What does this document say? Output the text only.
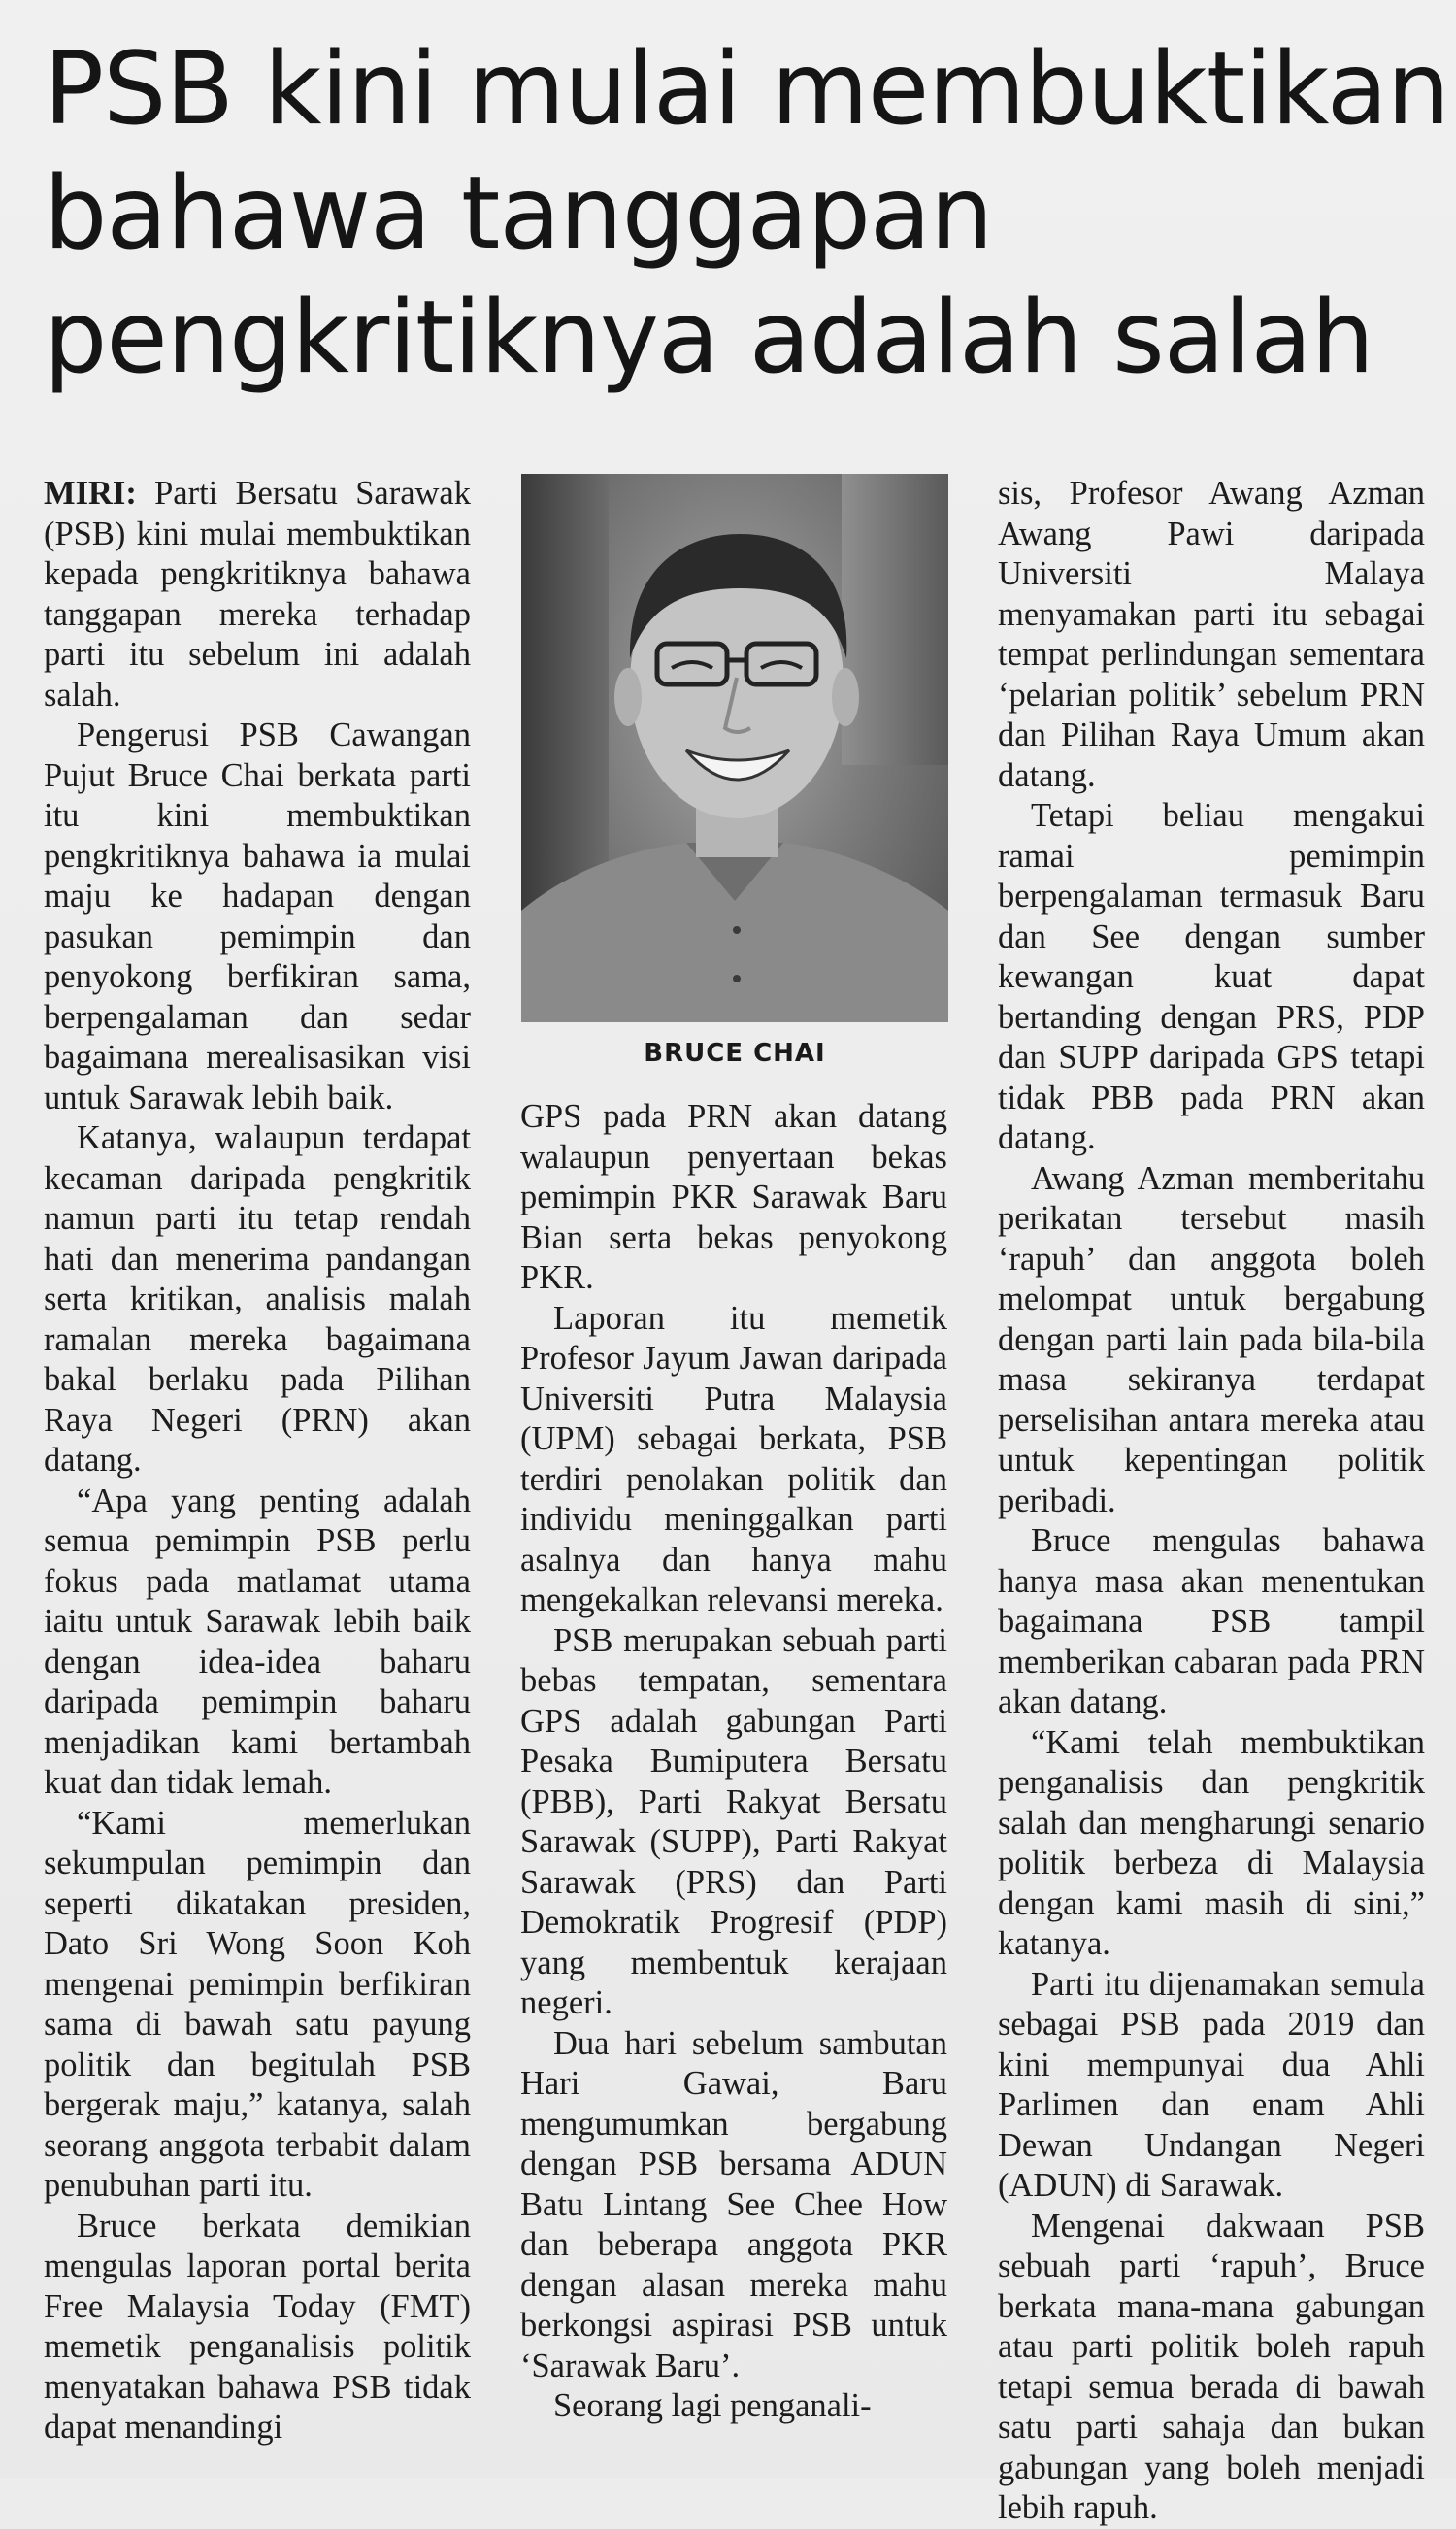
PSB kini mulai membuktikan
bahawa tanggapan
pengkritiknya adalah salah

MIRI: Parti Bersatu Sarawak (PSB) kini mulai membuktikan kepada pengkritiknya bahawa tanggapan mereka terhadap parti itu sebelum ini adalah salah.

Pengerusi PSB Cawangan Pujut Bruce Chai berkata parti itu kini membuktikan pengkritiknya bahawa ia mulai maju ke hadapan dengan pasukan pemimpin dan penyokong berfikiran sama, berpengalaman dan sedar bagaimana merealisasikan visi untuk Sarawak lebih baik.

Katanya, walaupun terdapat kecaman daripada pengkritik namun parti itu tetap rendah hati dan menerima pandangan serta kritikan, analisis malah ramalan mereka bagaimana bakal berlaku pada Pilihan Raya Negeri (PRN) akan datang.

“Apa yang penting adalah semua pemimpin PSB perlu fokus pada matlamat utama iaitu untuk Sarawak lebih baik dengan idea-idea baharu daripada pemimpin baharu menjadikan kami bertambah kuat dan tidak lemah.

“Kami memerlukan sekumpulan pemimpin dan seperti dikatakan presiden, Dato Sri Wong Soon Koh mengenai pemimpin berfikiran sama di bawah satu payung politik dan begitulah PSB bergerak maju,” katanya, salah seorang anggota terbabit dalam penubuhan parti itu.

Bruce berkata demikian mengulas laporan portal berita Free Malaysia Today (FMT) memetik penganalisis politik menyatakan bahawa PSB tidak dapat menandingi

BRUCE CHAI

GPS pada PRN akan datang walaupun penyertaan bekas pemimpin PKR Sarawak Baru Bian serta bekas penyokong PKR.

Laporan itu memetik Profesor Jayum Jawan daripada Universiti Putra Malaysia (UPM) sebagai berkata, PSB terdiri penolakan politik dan individu meninggalkan parti asalnya dan hanya mahu mengekalkan relevansi mereka.

PSB merupakan sebuah parti bebas tempatan, sementara GPS adalah gabungan Parti Pesaka Bumiputera Bersatu (PBB), Parti Rakyat Bersatu Sarawak (SUPP), Parti Rakyat Sarawak (PRS) dan Parti Demokratik Progresif (PDP) yang membentuk kerajaan negeri.

Dua hari sebelum sambutan Hari Gawai, Baru mengumumkan bergabung dengan PSB bersama ADUN Batu Lintang See Chee How dan beberapa anggota PKR dengan alasan mereka mahu berkongsi aspirasi PSB untuk ‘Sarawak Baru’.

Seorang lagi penganali-

sis, Profesor Awang Azman Awang Pawi daripada Universiti Malaya menyamakan parti itu sebagai tempat perlindungan sementara ‘pelarian politik’ sebelum PRN dan Pilihan Raya Umum akan datang.

Tetapi beliau mengakui ramai pemimpin berpengalaman termasuk Baru dan See dengan sumber kewangan kuat dapat bertanding dengan PRS, PDP dan SUPP daripada GPS tetapi tidak PBB pada PRN akan datang.

Awang Azman memberitahu perikatan tersebut masih ‘rapuh’ dan anggota boleh melompat untuk bergabung dengan parti lain pada bila-bila masa sekiranya terdapat perselisihan antara mereka atau untuk kepentingan politik peribadi.

Bruce mengulas bahawa hanya masa akan menentukan bagaimana PSB tampil memberikan cabaran pada PRN akan datang.

“Kami telah membuktikan penganalisis dan pengkritik salah dan mengharungi senario politik berbeza di Malaysia dengan kami masih di sini,” katanya.

Parti itu dijenamakan semula sebagai PSB pada 2019 dan kini mempunyai dua Ahli Parlimen dan enam Ahli Dewan Undangan Negeri (ADUN) di Sarawak.

Mengenai dakwaan PSB sebuah parti ‘rapuh’, Bruce berkata mana-mana gabungan atau parti politik boleh rapuh tetapi semua berada di bawah satu parti sahaja dan bukan gabungan yang boleh menjadi lebih rapuh.
